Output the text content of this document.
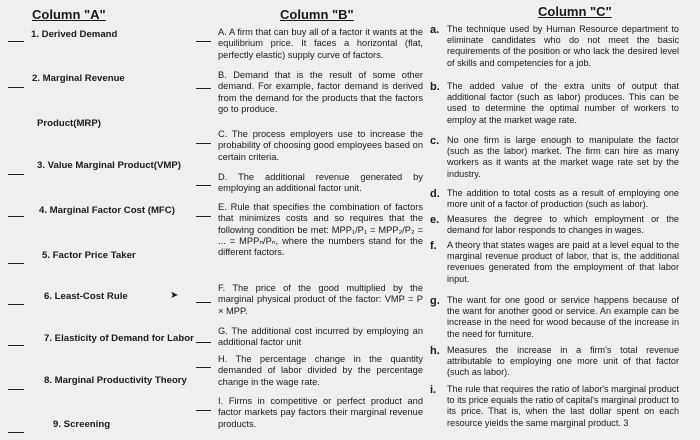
Column "A"	Column "B"	Column "C"
1. Derived Demand
2. Marginal Revenue
Product(MRP)
3. Value Marginal Product(VMP)
4. Marginal Factor Cost (MFC)
5. Factor Price Taker
6. Least-Cost Rule	➤
7. Elasticity of Demand for Labor
8. Marginal Productivity Theory
9. Screening
A. A firm that can buy all of a factor it wants at the equilibrium price. It faces a horizontal (flat, perfectly elastic) supply curve of factors.
B. Demand that is the result of some other demand. For example, factor demand is derived from the demand for the products that the factors go to produce.
C. The process employers use to increase the probability of choosing good employees based on certain criteria.
D. The additional revenue generated by employing an additional factor unit.
E. Rule that specifies the combination of factors that minimizes costs and so requires that the following condition be met: MPP₁/P₁ = MPP₂/P₂ = ... = MPPₙ/Pₙ, where the numbers stand for the different factors.
F. The price of the good multiplied by the marginal physical product of the factor: VMP = P × MPP.
G. The additional cost incurred by employing an additional factor unit
H. The percentage change in the quantity demanded of labor divided by the percentage change in the wage rate.
I. Firms in competitive or perfect product and factor markets pay factors their marginal revenue products.
a. The technique used by Human Resource department to eliminate candidates who do not meet the basic requirements of the position or who lack the desired level of skills and competencies for a job.
b. The added value of the extra units of output that additional factor (such as labor) produces. This can be used to determine the optimal number of workers to employ at the market wage rate.
c. No one firm is large enough to manipulate the factor (such as the labor) market. The firm can hire as many workers as it wants at the market wage rate set by the industry.
d. The addition to total costs as a result of employing one more unit of a factor of production (such as labor).
e. Measures the degree to which employment or the demand for labor responds to changes in wages.
f. A theory that states wages are paid at a level equal to the marginal revenue product of labor, that is, the additional revenues generated from the employment of that labor input.
g. The want for one good or service happens because of the want for another good or service. An example can be increase in the need for wood because of the increase in the need for furniture.
h. Measures the increase in a firm's total revenue attributable to employing one more unit of that factor (such as labor).
i. The rule that requires the ratio of labor's marginal product to its price equals the ratio of capital's marginal product to its price. That is, when the last dollar spent on each resource yields the same marginal product. 3
